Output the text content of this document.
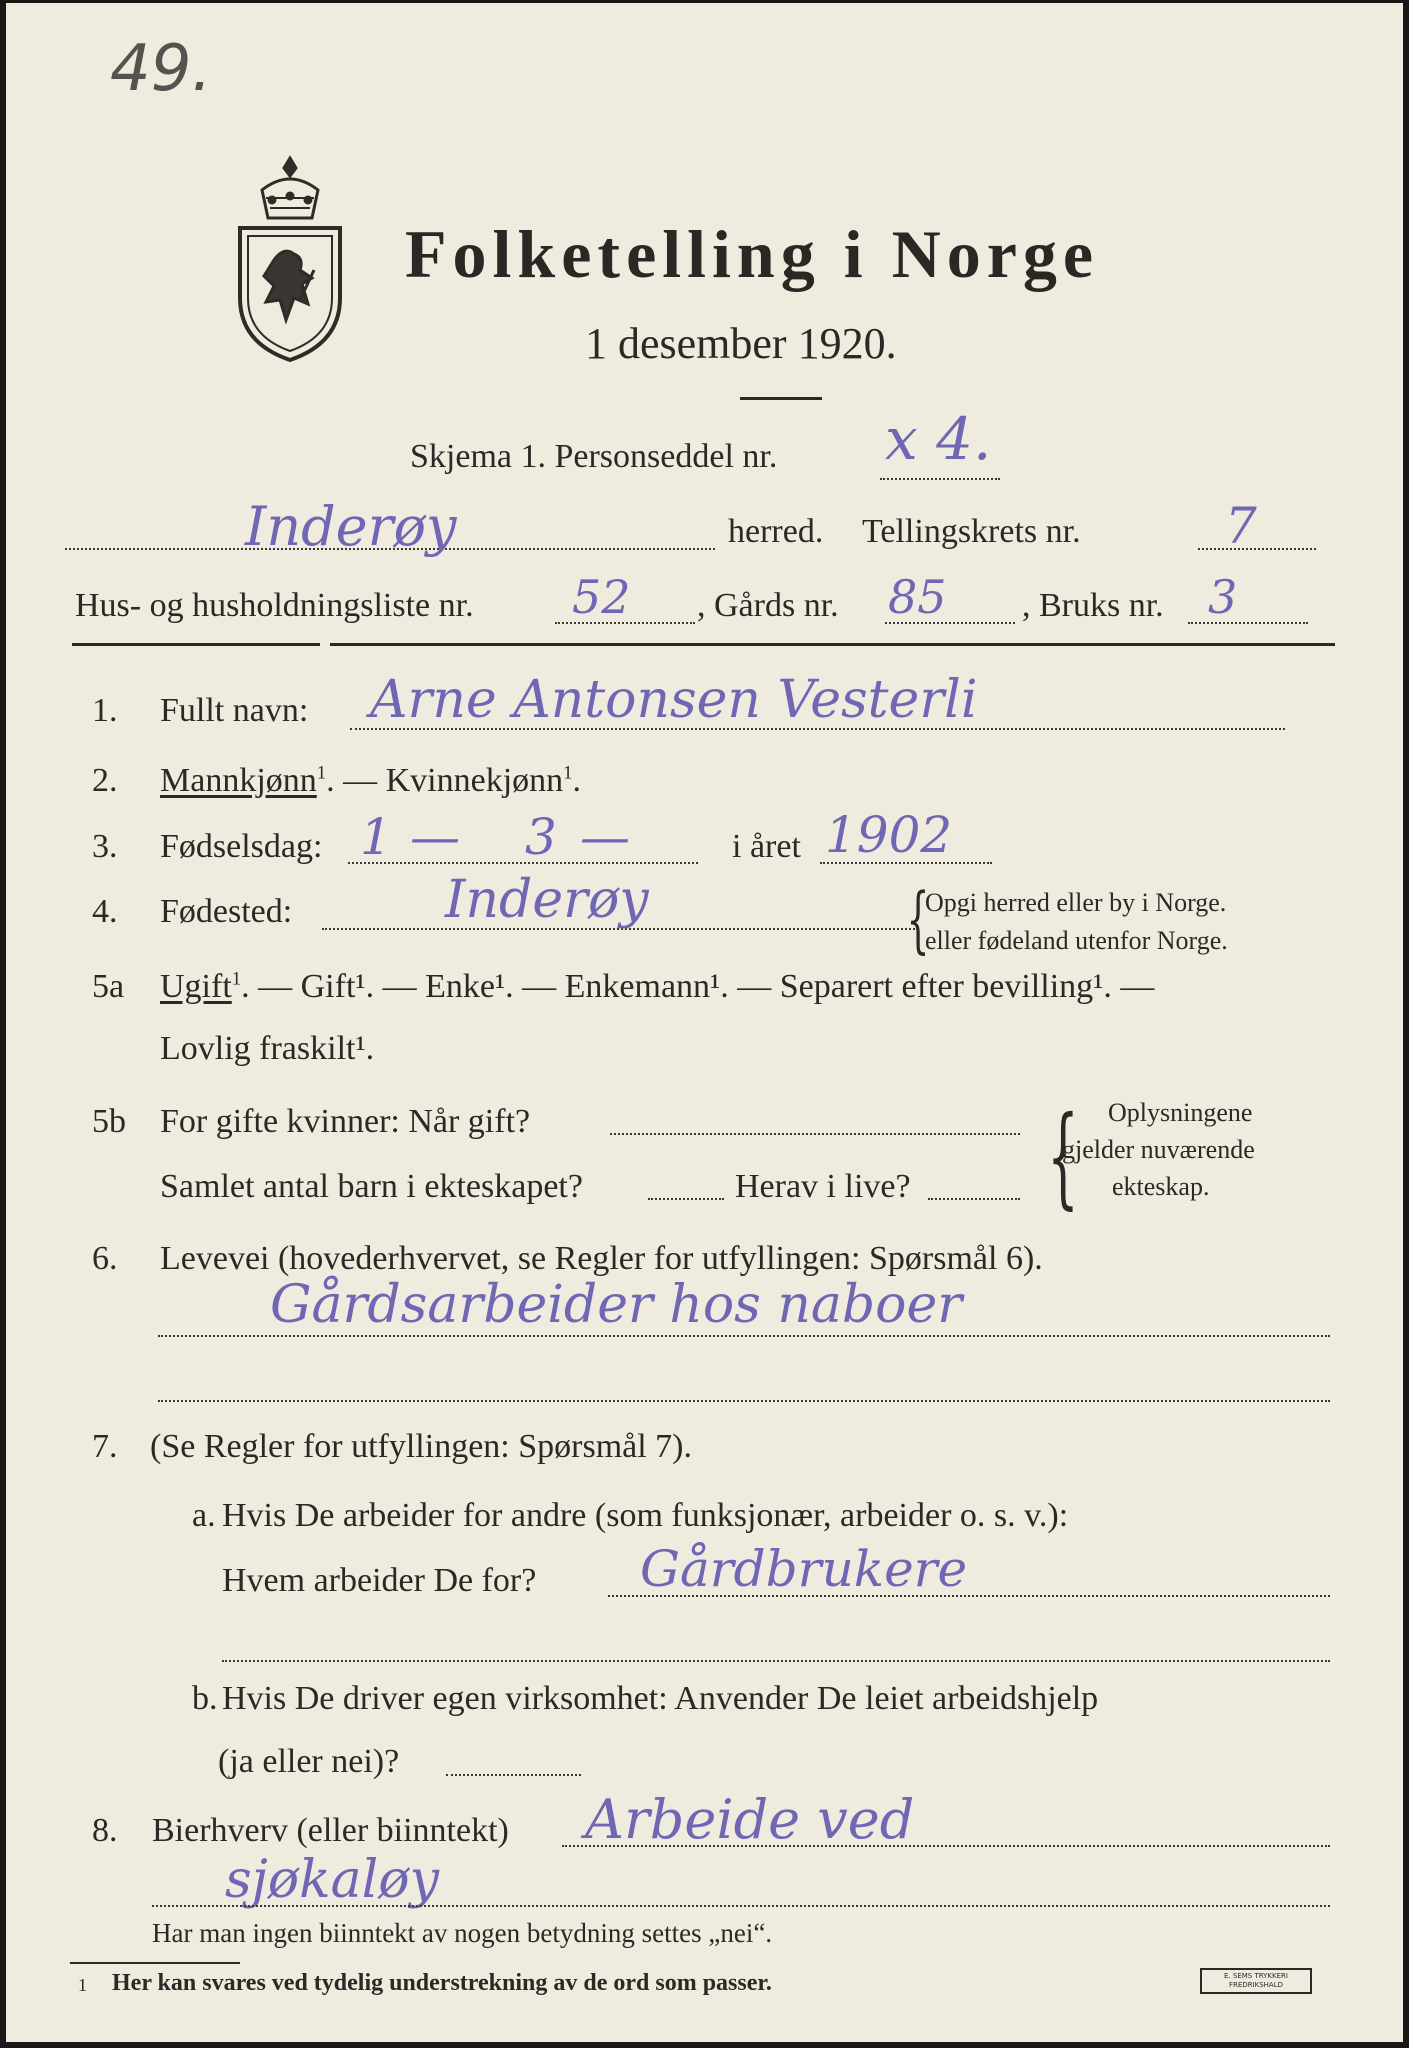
49.
Folketelling i Norge
1 desember 1920.
Skjema 1. Personseddel nr. x 4.
Inderøy	herred. Tellingskrets nr.	7
Hus- og husholdningsliste nr. 52 , Gårds nr. 85 , Bruks nr. 3
1. Fullt navn: Arne Antonsen Vesterli
2. Mannkjønn$^1$. — Kvinnekjønn$^1$.
3. Fødselsdag: 1 — 3 —	i året 1902
4. Fødested:	Inderøy	{
Opgi herred eller by i Norge.
eller fødeland utenfor Norge.
5a Ugift$^1$. — Gift¹. — Enke¹. — Enkemann¹. — Separert efter bevilling¹. —
Lovlig fraskilt¹.
5b For gifte kvinner: Når gift?
Samlet antal barn i ekteskapet?	Herav i live? { Oplysningene
gjelder nuværende
ekteskap.
6. Levevei (hovederhvervet, se Regler for utfyllingen: Spørsmål 6).
Gårdsarbeider hos naboer
7. (Se Regler for utfyllingen: Spørsmål 7).
a. Hvis De arbeider for andre (som funksjonær, arbeider o. s. v.):
Hvem arbeider De for? Gårdbrukere
b. Hvis De driver egen virksomhet: Anvender De leiet arbeidshjelp
(ja eller nei)?
8. Bierhverv (eller biinntekt) Arbeide ved
sjøkaløy
Har man ingen biinntekt av nogen betydning settes „nei“.
1 Her kan svares ved tydelig understrekning av de ord som passer.	E. SEMS TRYKKERI FREDRIKSHALD
